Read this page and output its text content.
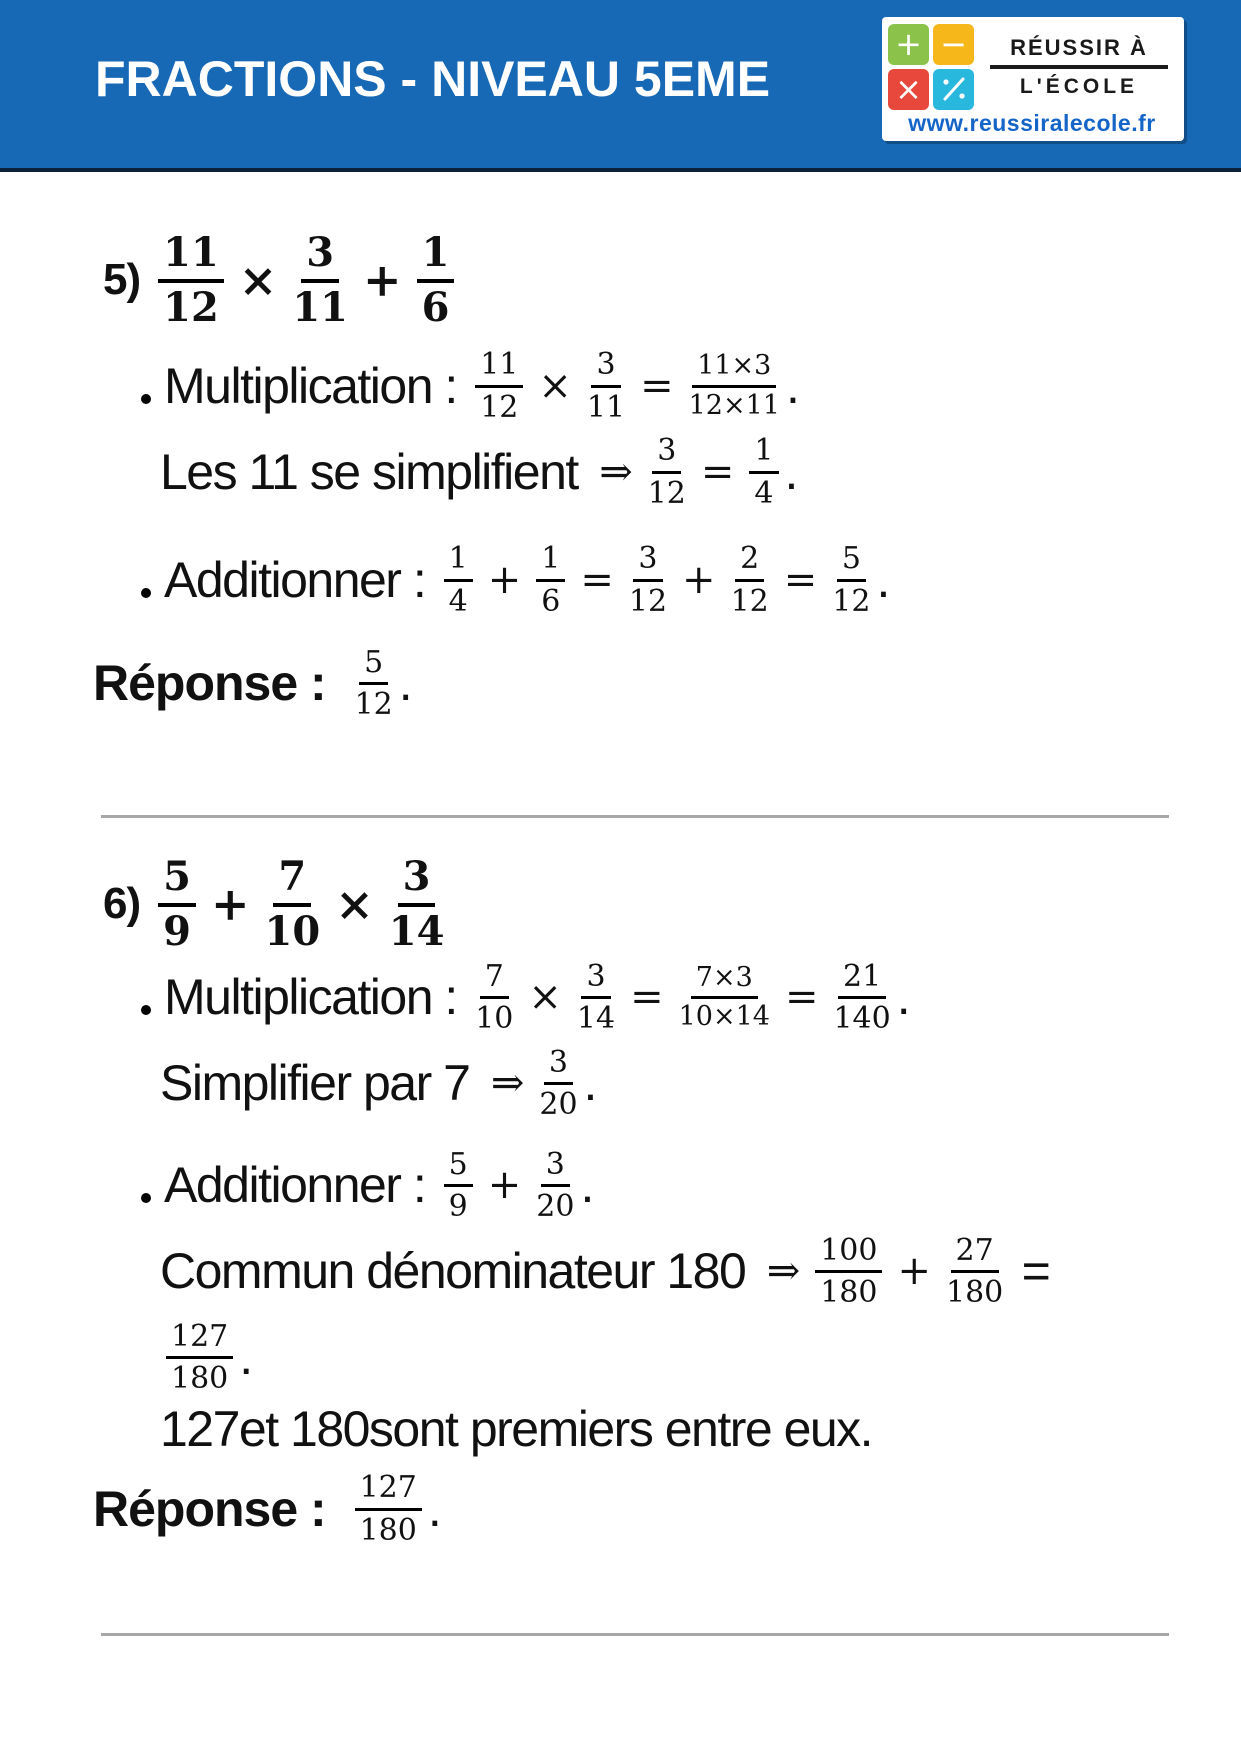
FRACTIONS - NIVEAU 5EME
+ −
×
RÉUSSIR À
L'ÉCOLE
www.reussiralecole.fr
$5) \frac{11}{12} \times \frac{3}{11} + \frac{1}{6}$
Multiplication : $\frac{11}{12} \times \frac{3}{11} = \frac{11\times 3}{12\times 11}$ .
Les 11 se simplifient ⇒ $\frac{3}{12} = \frac{1}{4}$ .
Additionner : $\frac{1}{4} + \frac{1}{6} = \frac{3}{12} + \frac{2}{12} = \frac{5}{12}$ .
Réponse : $\frac{5}{12}$ .
$6) \frac{5}{9} + \frac{7}{10} \times \frac{3}{14}$
Multiplication : $\frac{7}{10} \times \frac{3}{14} = \frac{7\times 3}{10\times 14} = \frac{21}{140}$ .
Simplifier par 7 ⇒ $\frac{3}{20}$ .
Additionner : $\frac{5}{9} + \frac{3}{20}$ .
Commun dénominateur 180 ⇒ $\frac{100}{180} + \frac{27}{180}$ =
$\frac{127}{180}$ .
127et 180sont premiers entre eux.
Réponse : $\frac{127}{180}$ .
